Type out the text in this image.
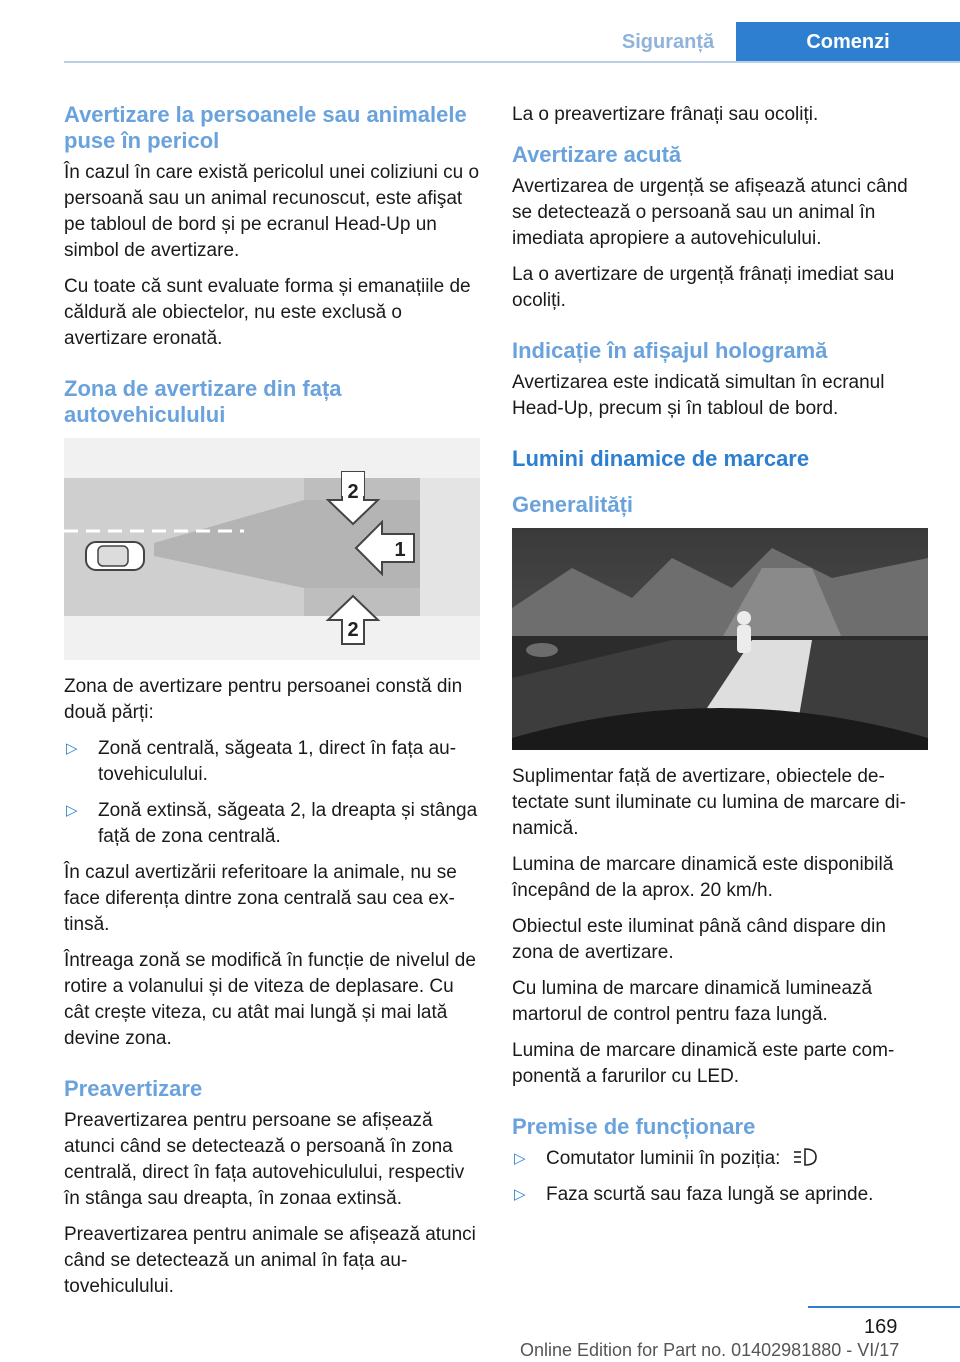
Siguranță	Comenzi
Avertizare la persoanele sau animalele puse în pericol

În cazul în care există pericolul unei coliziuni cu o persoană sau un animal recunoscut, este afişat pe tabloul de bord și pe ecranul Head-Up un simbol de avertizare.

Cu toate că sunt evaluate forma și emanațiile de căldură ale obiectelor, nu este exclusă o avertizare eronată.

Zona de avertizare din fața autovehiculului
2
1
2

Zona de avertizare pentru persoanei constă din două părți:

▷ Zonă centrală, săgeata 1, direct în fața autovehiculului.
▷ Zonă extinsă, săgeata 2, la dreapta și stânga față de zona centrală.

În cazul avertizării referitoare la animale, nu se face diferența dintre zona centrală sau cea extinsă.

Întreaga zonă se modifică în funcție de nivelul de rotire a volanului și de viteza de deplasare. Cu cât crește viteza, cu atât mai lungă și mai lată devine zona.

Preavertizare

Preavertizarea pentru persoane se afișează atunci când se detectează o persoană în zona centrală, direct în fața autovehiculului, respectiv în stânga sau dreapta, în zonaa extinsă.

Preavertizarea pentru animale se afișează atunci când se detectează un animal în fața autovehiculului.

La o preavertizare frânați sau ocoliți.

Avertizare acută

Avertizarea de urgență se afișează atunci când se detectează o persoană sau un animal în imediata apropiere a autovehiculului.

La o avertizare de urgență frânați imediat sau ocoliți.

Indicație în afișajul hologramă

Avertizarea este indicată simultan în ecranul Head-Up, precum și în tabloul de bord.

Lumini dinamice de marcare
Generalități

Suplimentar față de avertizare, obiectele detectate sunt iluminate cu lumina de marcare dinamică.

Lumina de marcare dinamică este disponibilă începând de la aprox. 20 km/h.

Obiectul este iluminat până când dispare din zona de avertizare.

Cu lumina de marcare dinamică luminează martorul de control pentru faza lungă.

Lumina de marcare dinamică este parte componentă a farurilor cu LED.

Premise de funcționare
▷ Comutator luminii în poziția:
▷ Faza scurtă sau faza lungă se aprinde.
169
Online Edition for Part no. 01402981880 - VI/17
